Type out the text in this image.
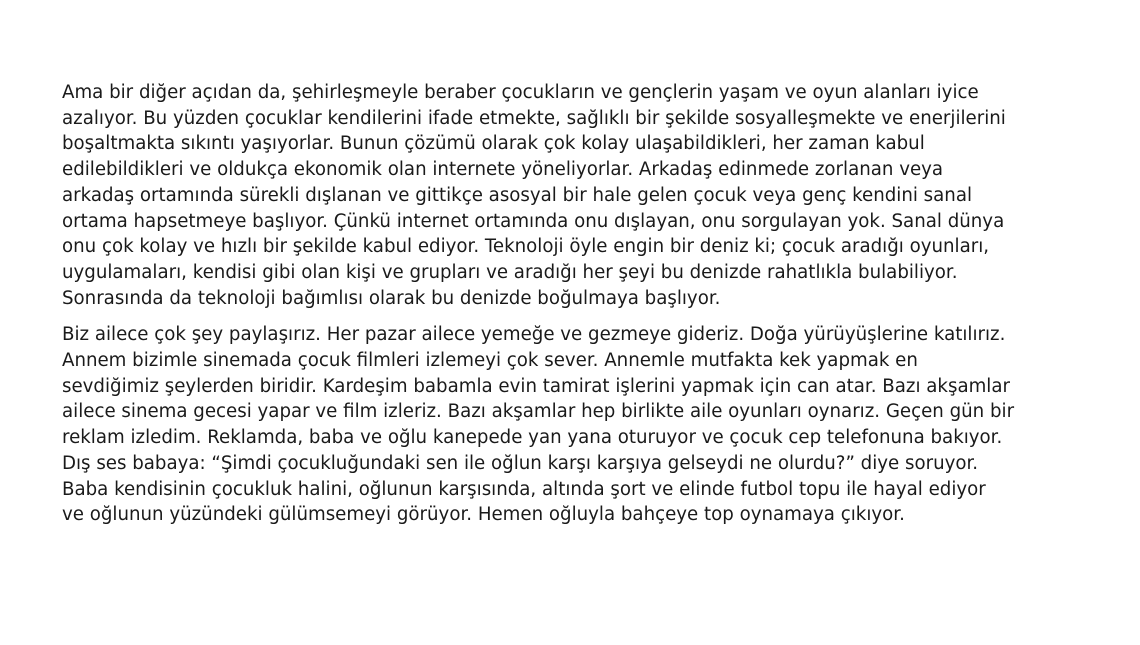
Ama bir diğer açıdan da, şehirleşmeyle beraber çocukların ve gençlerin yaşam ve oyun alanları iyice
azalıyor. Bu yüzden çocuklar kendilerini ifade etmekte, sağlıklı bir şekilde sosyalleşmekte ve enerjilerini
boşaltmakta sıkıntı yaşıyorlar. Bunun çözümü olarak çok kolay ulaşabildikleri, her zaman kabul
edilebildikleri ve oldukça ekonomik olan internete yöneliyorlar. Arkadaş edinmede zorlanan veya
arkadaş ortamında sürekli dışlanan ve gittikçe asosyal bir hale gelen çocuk veya genç kendini sanal
ortama hapsetmeye başlıyor. Çünkü internet ortamında onu dışlayan, onu sorgulayan yok. Sanal dünya
onu çok kolay ve hızlı bir şekilde kabul ediyor. Teknoloji öyle engin bir deniz ki; çocuk aradığı oyunları,
uygulamaları, kendisi gibi olan kişi ve grupları ve aradığı her şeyi bu denizde rahatlıkla bulabiliyor.
Sonrasında da teknoloji bağımlısı olarak bu denizde boğulmaya başlıyor.

Biz ailece çok şey paylaşırız. Her pazar ailece yemeğe ve gezmeye gideriz. Doğa yürüyüşlerine katılırız.
Annem bizimle sinemada çocuk filmleri izlemeyi çok sever. Annemle mutfakta kek yapmak en
sevdiğimiz şeylerden biridir. Kardeşim babamla evin tamirat işlerini yapmak için can atar. Bazı akşamlar
ailece sinema gecesi yapar ve film izleriz. Bazı akşamlar hep birlikte aile oyunları oynarız. Geçen gün bir
reklam izledim. Reklamda, baba ve oğlu kanepede yan yana oturuyor ve çocuk cep telefonuna bakıyor.
Dış ses babaya: “Şimdi çocukluğundaki sen ile oğlun karşı karşıya gelseydi ne olurdu?” diye soruyor.
Baba kendisinin çocukluk halini, oğlunun karşısında, altında şort ve elinde futbol topu ile hayal ediyor
ve oğlunun yüzündeki gülümsemeyi görüyor. Hemen oğluyla bahçeye top oynamaya çıkıyor.
